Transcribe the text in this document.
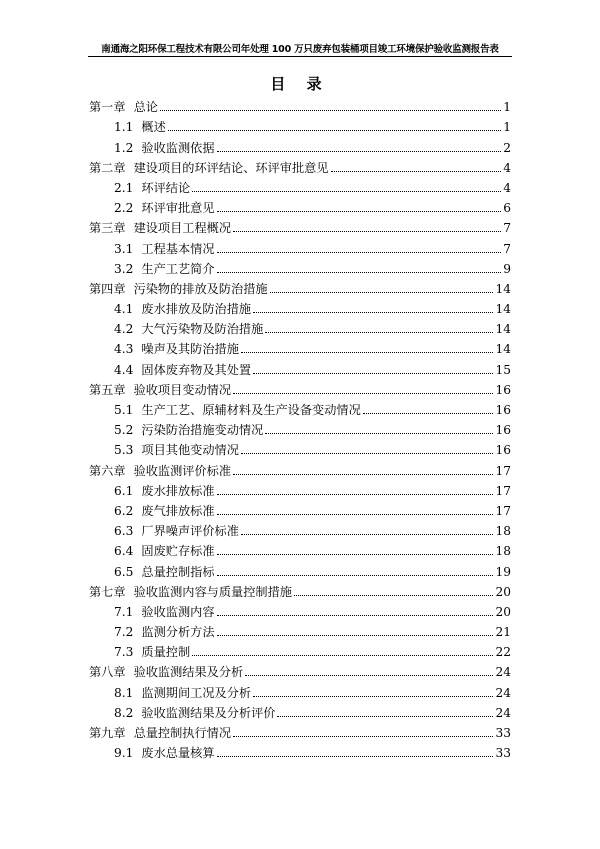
南通海之阳环保工程技术有限公司年处理 100 万只废弃包装桶项目竣工环境保护验收监测报告表
目 录
第一章 总论	1
1.1 概述	1
1.2 验收监测依据	2
第二章 建设项目的环评结论、环评审批意见	4
2.1 环评结论	4
2.2 环评审批意见	6
第三章 建设项目工程概况	7
3.1 工程基本情况	7
3.2 生产工艺简介	9
第四章 污染物的排放及防治措施	14
4.1 废水排放及防治措施	14
4.2 大气污染物及防治措施	14
4.3 噪声及其防治措施	14
4.4 固体废弃物及其处置	15
第五章 验收项目变动情况	16
5.1 生产工艺、原辅材料及生产设备变动情况	16
5.2 污染防治措施变动情况	16
5.3 项目其他变动情况	16
第六章 验收监测评价标准	17
6.1 废水排放标准	17
6.2 废气排放标准	17
6.3 厂界噪声评价标准	18
6.4 固废贮存标准	18
6.5 总量控制指标	19
第七章 验收监测内容与质量控制措施	20
7.1 验收监测内容	20
7.2 监测分析方法	21
7.3 质量控制	22
第八章 验收监测结果及分析	24
8.1 监测期间工况及分析	24
8.2 验收监测结果及分析评价	24
第九章 总量控制执行情况	33
9.1 废水总量核算	33
